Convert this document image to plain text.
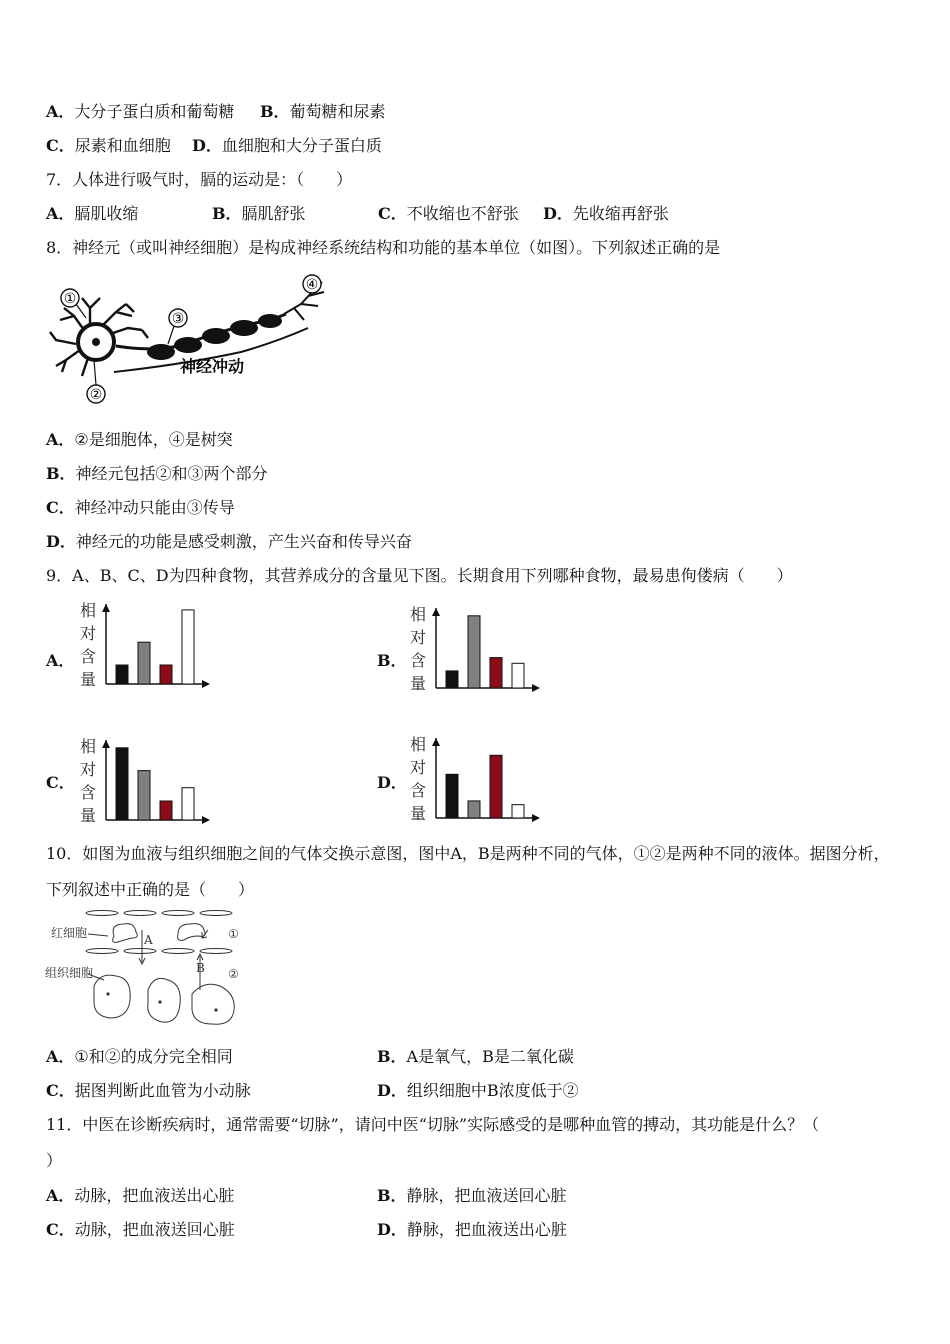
A．大分子蛋白质和葡萄糖 B．葡萄糖和尿素
C．尿素和血细胞 D．血细胞和大分子蛋白质
7．人体进行吸气时，膈的运动是：（　　）
A．膈肌收缩	B．膈肌舒张	C．不收缩也不舒张 D．先收缩再舒张
8．神经元（或叫神经细胞）是构成神经系统结构和功能的基本单位（如图）。下列叙述正确的是
①
②
③
④
神经冲动
A．②是细胞体，④是树突
B．神经元包括②和③两个部分
C．神经冲动只能由③传导
D．神经元的功能是感受刺激，产生兴奋和传导兴奋
9．A、B、C、D为四种食物，其营养成分的含量见下图。长期食用下列哪种食物，最易患佝偻病（　　）
A．	B．
C．	D．
相
对
含
量
相
对
含
量
相
对
含
量
相
对
含
量
10．如图为血液与组织细胞之间的气体交换示意图，图中A，B是两种不同的气体，①②是两种不同的液体。据图分析，
下列叙述中正确的是（　　）
红细胞
组织细胞
A
B
①
②
A．①和②的成分完全相同	B．A是氧气，B是二氧化碳
C．据图判断此血管为小动脉	D．组织细胞中B浓度低于②
11．中医在诊断疾病时，通常需要“切脉”，请问中医“切脉”实际感受的是哪种血管的搏动，其功能是什么？（
）
A．动脉，把血液送出心脏	B．静脉，把血液送回心脏
C．动脉，把血液送回心脏	D．静脉，把血液送出心脏
